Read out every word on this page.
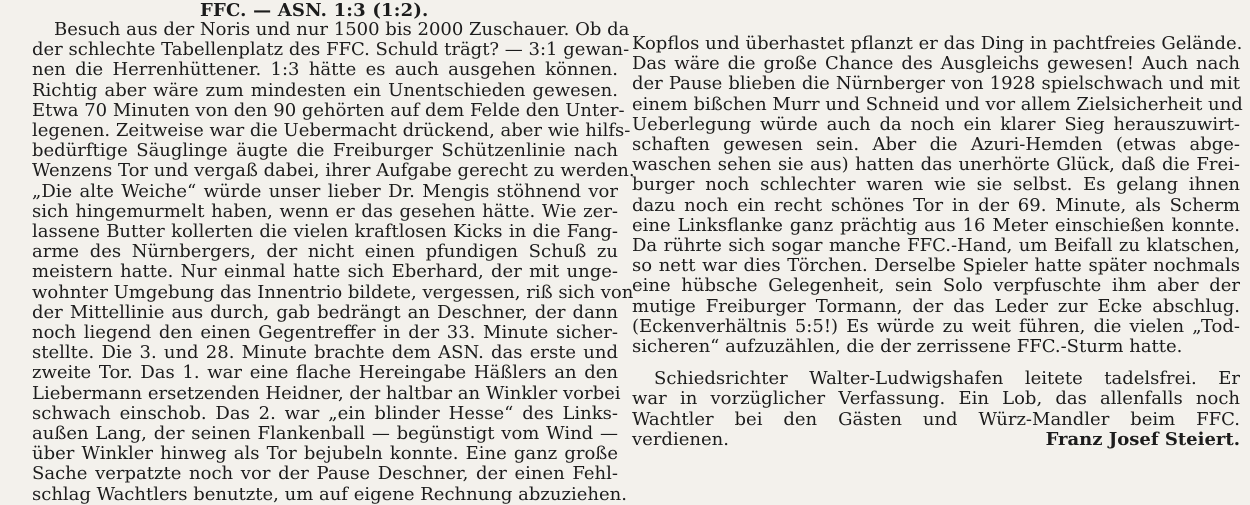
FFC. — ASN. 1:3 (1:2).
Besuch aus der Noris und nur 1500 bis 2000 Zuschauer. Ob da
der schlechte Tabellenplatz des FFC. Schuld trägt? — 3:1 gewan-
nen die Herrenhüttener. 1:3 hätte es auch ausgehen können.
Richtig aber wäre zum mindesten ein Unentschieden gewesen.
Etwa 70 Minuten von den 90 gehörten auf dem Felde den Unter-
legenen. Zeitweise war die Uebermacht drückend, aber wie hilfs-
bedürftige Säuglinge äugte die Freiburger Schützenlinie nach
Wenzens Tor und vergaß dabei, ihrer Aufgabe gerecht zu werden.
„Die alte Weiche“ würde unser lieber Dr. Mengis stöhnend vor
sich hingemurmelt haben, wenn er das gesehen hätte. Wie zer-
lassene Butter kollerten die vielen kraftlosen Kicks in die Fang-
arme des Nürnbergers, der nicht einen pfundigen Schuß zu
meistern hatte. Nur einmal hatte sich Eberhard, der mit unge-
wohnter Umgebung das Innentrio bildete, vergessen, riß sich von
der Mittellinie aus durch, gab bedrängt an Deschner, der dann
noch liegend den einen Gegentreffer in der 33. Minute sicher-
stellte. Die 3. und 28. Minute brachte dem ASN. das erste und
zweite Tor. Das 1. war eine flache Hereingabe Häßlers an den
Liebermann ersetzenden Heidner, der haltbar an Winkler vorbei
schwach einschob. Das 2. war „ein blinder Hesse“ des Links-
außen Lang, der seinen Flankenball — begünstigt vom Wind —
über Winkler hinweg als Tor bejubeln konnte. Eine ganz große
Sache verpatzte noch vor der Pause Deschner, der einen Fehl-
schlag Wachtlers benutzte, um auf eigene Rechnung abzuziehen.
Kopflos und überhastet pflanzt er das Ding in pachtfreies Gelände.
Das wäre die große Chance des Ausgleichs gewesen! Auch nach
der Pause blieben die Nürnberger von 1928 spielschwach und mit
einem bißchen Murr und Schneid und vor allem Zielsicherheit und
Ueberlegung würde auch da noch ein klarer Sieg herauszuwirt-
schaften gewesen sein. Aber die Azuri-Hemden (etwas abge-
waschen sehen sie aus) hatten das unerhörte Glück, daß die Frei-
burger noch schlechter waren wie sie selbst. Es gelang ihnen
dazu noch ein recht schönes Tor in der 69. Minute, als Scherm
eine Linksflanke ganz prächtig aus 16 Meter einschießen konnte.
Da rührte sich sogar manche FFC.-Hand, um Beifall zu klatschen,
so nett war dies Törchen. Derselbe Spieler hatte später nochmals
eine hübsche Gelegenheit, sein Solo verpfuschte ihm aber der
mutige Freiburger Tormann, der das Leder zur Ecke abschlug.
(Eckenverhältnis 5:5!) Es würde zu weit führen, die vielen „Tod-
sicheren“ aufzuzählen, die der zerrissene FFC.-Sturm hatte.
Schiedsrichter Walter-Ludwigshafen leitete tadelsfrei. Er
war in vorzüglicher Verfassung. Ein Lob, das allenfalls noch
Wachtler bei den Gästen und Würz-Mandler beim FFC.
verdienen.	Franz Josef Steiert.
